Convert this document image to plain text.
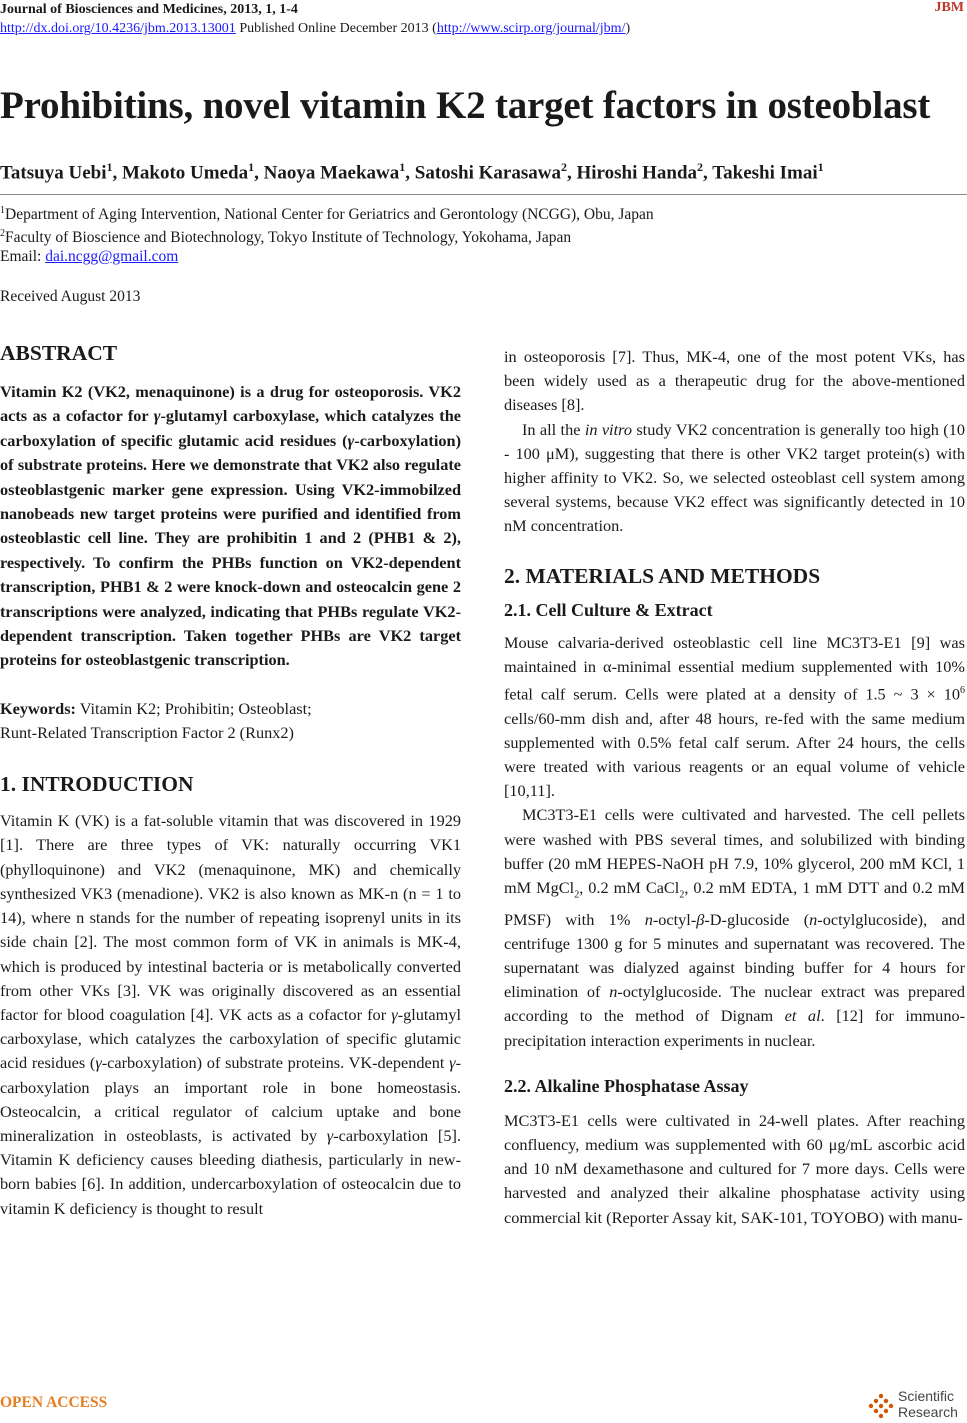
Journal of Biosciences and Medicines, 2013, 1, 1-4
http://dx.doi.org/10.4236/jbm.2013.13001 Published Online December 2013 (http://www.scirp.org/journal/jbm/)
JBM
Prohibitins, novel vitamin K2 target factors in osteoblast
Tatsuya Uebi$^1$, Makoto Umeda$^1$, Naoya Maekawa$^1$, Satoshi Karasawa$^2$, Hiroshi Handa$^2$, Takeshi Imai$^1$
$^1$Department of Aging Intervention, National Center for Geriatrics and Gerontology (NCGG), Obu, Japan
$^2$Faculty of Bioscience and Biotechnology, Tokyo Institute of Technology, Yokohama, Japan
Email: dai.ncgg@gmail.com
Received August 2013
ABSTRACT

Vitamin K2 (VK2, menaquinone) is a drug for osteoporosis. VK2 acts as a cofactor for γ-glutamyl carboxylase, which catalyzes the carboxylation of specific glutamic acid residues (γ-carboxylation) of substrate proteins. Here we demonstrate that VK2 also regulate osteoblastgenic marker gene expression. Using VK2-immobilzed nanobeads new target proteins were purified and identified from osteoblastic cell line. They are prohibitin 1 and 2 (PHB1 & 2), respectively. To confirm the PHBs function on VK2-dependent transcription, PHB1 & 2 were knock-down and osteocalcin gene 2 transcriptions were analyzed, indicating that PHBs regulate VK2-dependent transcription. Taken together PHBs are VK2 target proteins for osteoblastgenic transcription.

Keywords: Vitamin K2; Prohibitin; Osteoblast;
Runt-Related Transcription Factor 2 (Runx2)

1. INTRODUCTION

Vitamin K (VK) is a fat-soluble vitamin that was discovered in 1929 [1]. There are three types of VK: naturally occurring VK1 (phylloquinone) and VK2 (menaquinone, MK) and chemically synthesized VK3 (menadione). VK2 is also known as MK-n (n = 1 to 14), where n stands for the number of repeating isoprenyl units in its side chain [2]. The most common form of VK in animals is MK-4, which is produced by intestinal bacteria or is metabolically converted from other VKs [3]. VK was originally discovered as an essential factor for blood coagulation [4]. VK acts as a cofactor for γ-glutamyl carboxylase, which catalyzes the carboxylation of specific glutamic acid residues (γ-carboxylation) of substrate proteins. VK-dependent γ-carboxylation plays an important role in bone homeostasis. Osteocalcin, a critical regulator of calcium uptake and bone mineralization in osteoblasts, is activated by γ-carboxylation [5]. Vitamin K deficiency causes bleeding diathesis, particularly in newborn babies [6]. In addition, undercarboxylation of osteocalcin due to vitamin K deficiency is thought to result

in osteoporosis [7]. Thus, MK-4, one of the most potent VKs, has been widely used as a therapeutic drug for the above-mentioned diseases [8].

In all the in vitro study VK2 concentration is generally too high (10 - 100 μM), suggesting that there is other VK2 target protein(s) with higher affinity to VK2. So, we selected osteoblast cell system among several systems, because VK2 effect was significantly detected in 10 nM concentration.

2. MATERIALS AND METHODS
2.1. Cell Culture & Extract

Mouse calvaria-derived osteoblastic cell line MC3T3-E1 [9] was maintained in α-minimal essential medium supplemented with 10% fetal calf serum. Cells were plated at a density of 1.5 ~ $3 \times 10^6$ cells/60-mm dish and, after 48 hours, re-fed with the same medium supplemented with 0.5% fetal calf serum. After 24 hours, the cells were treated with various reagents or an equal volume of vehicle [10,11].

MC3T3-E1 cells were cultivated and harvested. The cell pellets were washed with PBS several times, and solubilized with binding buffer (20 mM HEPES-NaOH pH 7.9, 10% glycerol, 200 mM KCl, 1 mM MgCl$_2$, 0.2 mM CaCl$_2$, 0.2 mM EDTA, 1 mM DTT and 0.2 mM PMSF) with 1% n-octyl-β-D-glucoside (n-octylglucoside), and centrifuge 1300 g for 5 minutes and supernatant was recovered. The supernatant was dialyzed against binding buffer for 4 hours for elimination of n-octylglucoside. The nuclear extract was prepared according to the method of Dignam et al. [12] for immuno-precipitation interaction experiments in nuclear.

2.2. Alkaline Phosphatase Assay

MC3T3-E1 cells were cultivated in 24-well plates. After reaching confluency, medium was supplemented with 60 μg/mL ascorbic acid and 10 nM dexamethasone and cultured for 7 more days. Cells were harvested and analyzed their alkaline phosphatase activity using commercial kit (Reporter Assay kit, SAK-101, TOYOBO) with manu-

OPEN ACCESS	Scientific
Research
